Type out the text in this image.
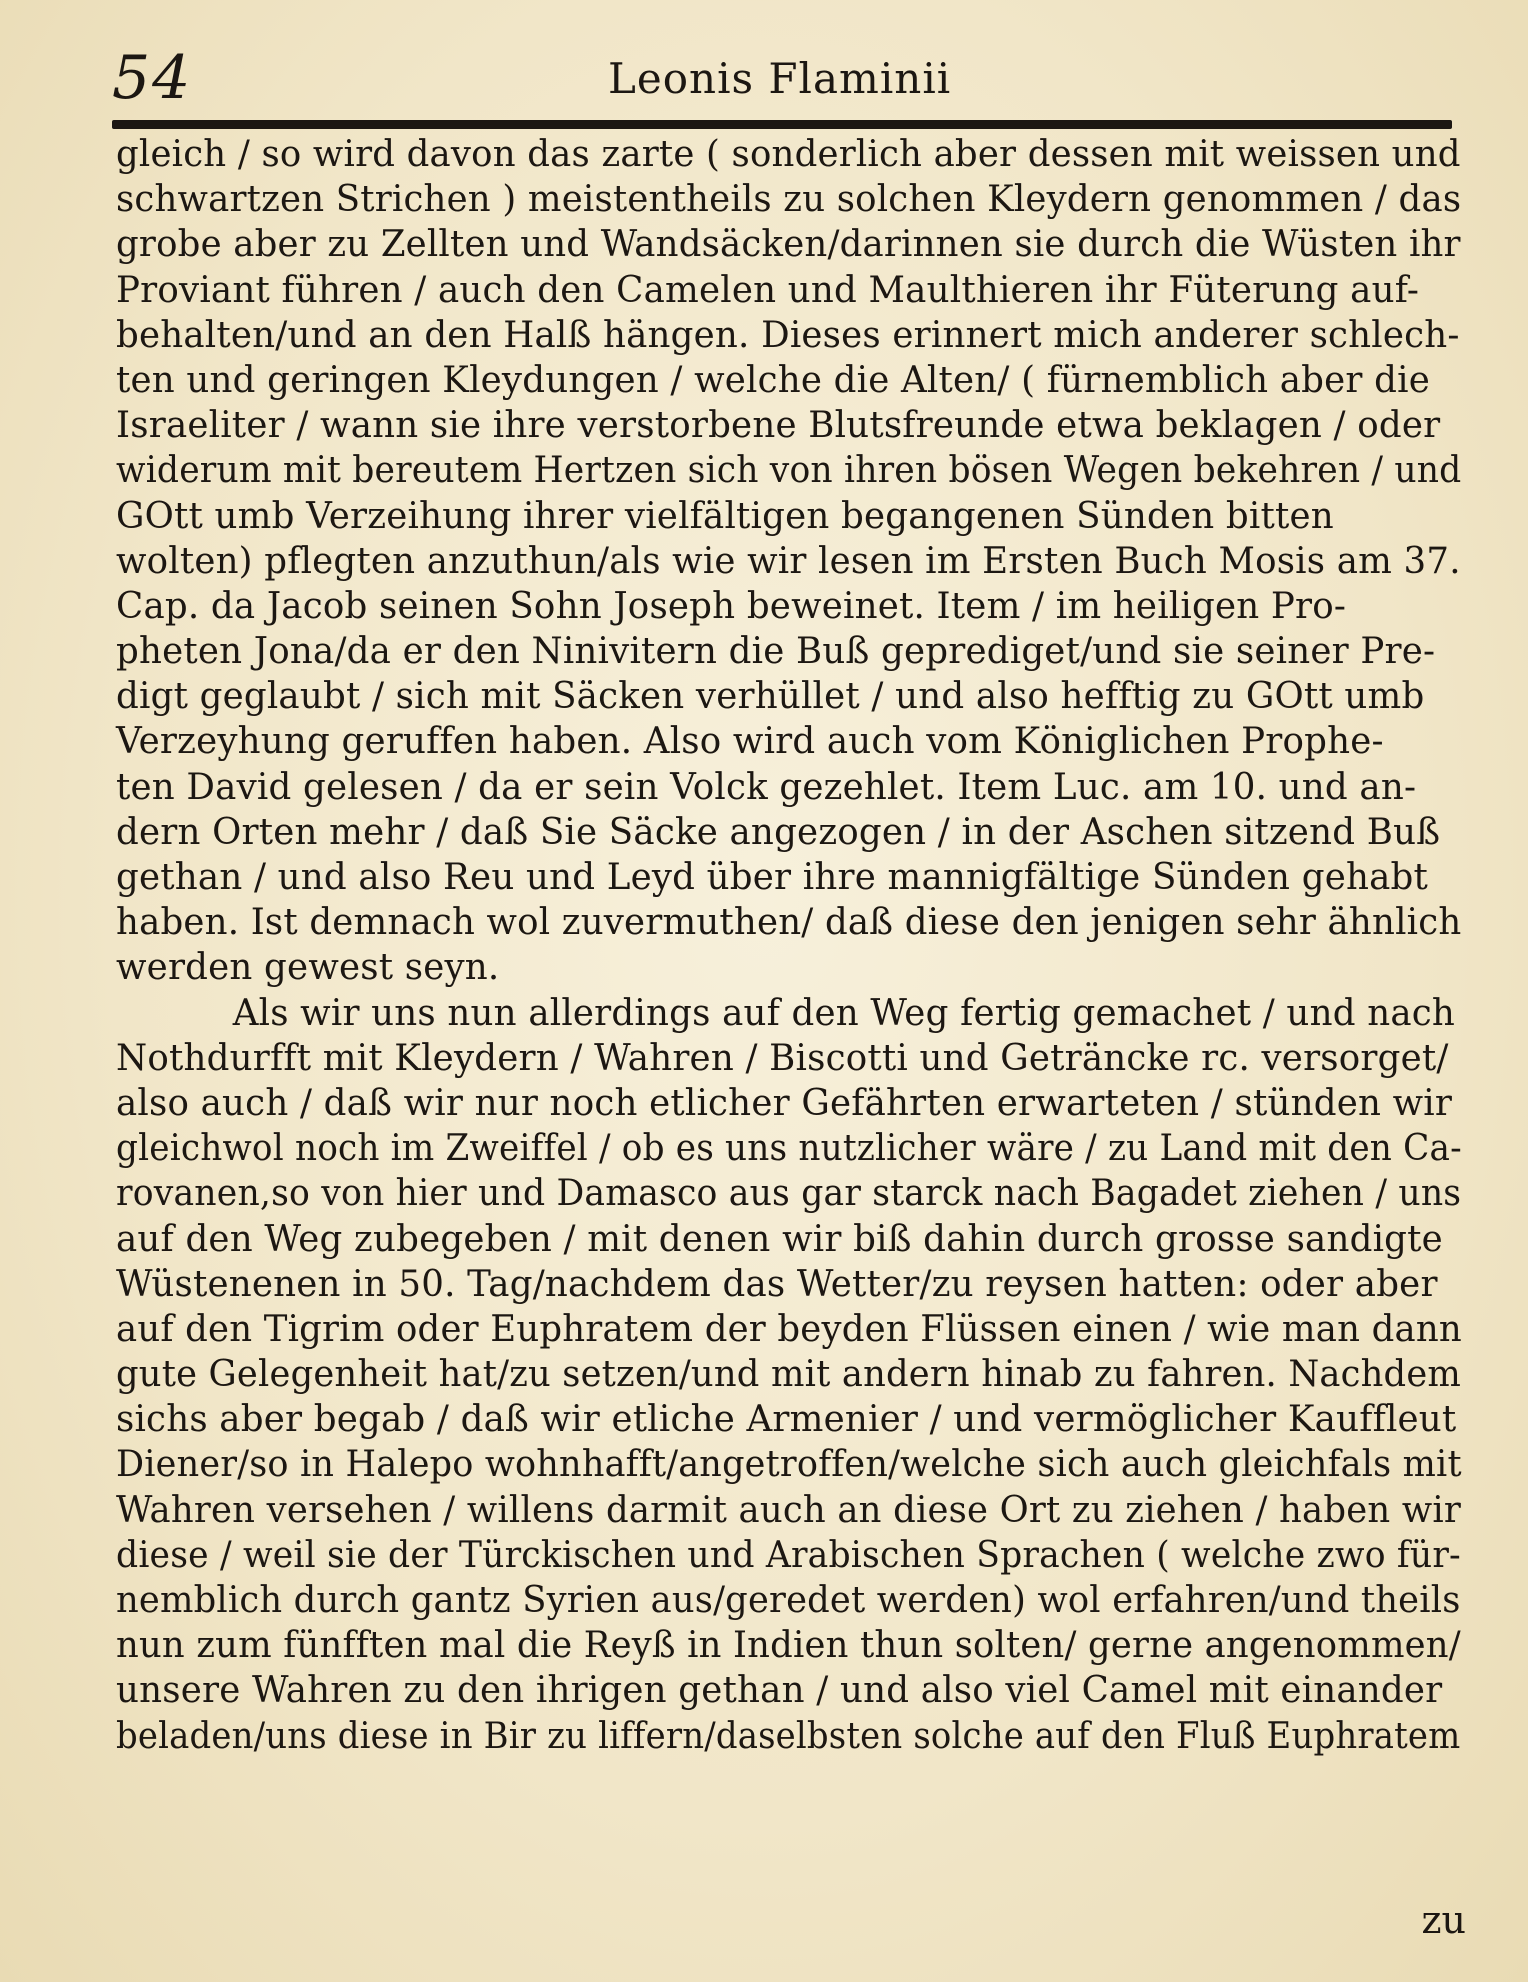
54	Leonis Flaminii
gleich / so wird davon das zarte ( sonderlich aber dessen mit weissen und
schwartzen Strichen ) meistentheils zu solchen Kleydern genommen / das
grobe aber zu Zellten und Wandsäcken/darinnen sie durch die Wüsten ihr
Proviant führen / auch den Camelen und Maulthieren ihr Füterung auf-
behalten/und an den Halß hängen. Dieses erinnert mich anderer schlech-
ten und geringen Kleydungen / welche die Alten/ ( fürnemblich aber die
Israeliter / wann sie ihre verstorbene Blutsfreunde etwa beklagen / oder
widerum mit bereutem Hertzen sich von ihren bösen Wegen bekehren / und
GOtt umb Verzeihung ihrer vielfältigen begangenen Sünden bitten
wolten) pflegten anzuthun/als wie wir lesen im Ersten Buch Mosis am 37.
Cap. da Jacob seinen Sohn Joseph beweinet. Item / im heiligen Pro-
pheten Jona/da er den Ninivitern die Buß geprediget/und sie seiner Pre-
digt geglaubt / sich mit Säcken verhüllet / und also hefftig zu GOtt umb
Verzeyhung geruffen haben. Also wird auch vom Königlichen Prophe-
ten David gelesen / da er sein Volck gezehlet. Item Luc. am 10. und an-
dern Orten mehr / daß Sie Säcke angezogen / in der Aschen sitzend Buß
gethan / und also Reu und Leyd über ihre mannigfältige Sünden gehabt
haben. Ist demnach wol zuvermuthen/ daß diese den jenigen sehr ähnlich
werden gewest seyn.
Als wir uns nun allerdings auf den Weg fertig gemachet / und nach
Nothdurfft mit Kleydern / Wahren / Biscotti und Geträncke rc. versorget/
also auch / daß wir nur noch etlicher Gefährten erwarteten / stünden wir
gleichwol noch im Zweiffel / ob es uns nutzlicher wäre / zu Land mit den Ca-
rovanen,so von hier und Damasco aus gar starck nach Bagadet ziehen / uns
auf den Weg zubegeben / mit denen wir biß dahin durch grosse sandigte
Wüstenenen in 50. Tag/nachdem das Wetter/zu reysen hatten: oder aber
auf den Tigrim oder Euphratem der beyden Flüssen einen / wie man dann
gute Gelegenheit hat/zu setzen/und mit andern hinab zu fahren. Nachdem
sichs aber begab / daß wir etliche Armenier / und vermöglicher Kauffleut
Diener/so in Halepo wohnhafft/angetroffen/welche sich auch gleichfals mit
Wahren versehen / willens darmit auch an diese Ort zu ziehen / haben wir
diese / weil sie der Türckischen und Arabischen Sprachen ( welche zwo für-
nemblich durch gantz Syrien aus/geredet werden) wol erfahren/und theils
nun zum fünfften mal die Reyß in Indien thun solten/ gerne angenommen/
unsere Wahren zu den ihrigen gethan / und also viel Camel mit einander
beladen/uns diese in Bir zu liffern/daselbsten solche auf den Fluß Euphratem
zu
